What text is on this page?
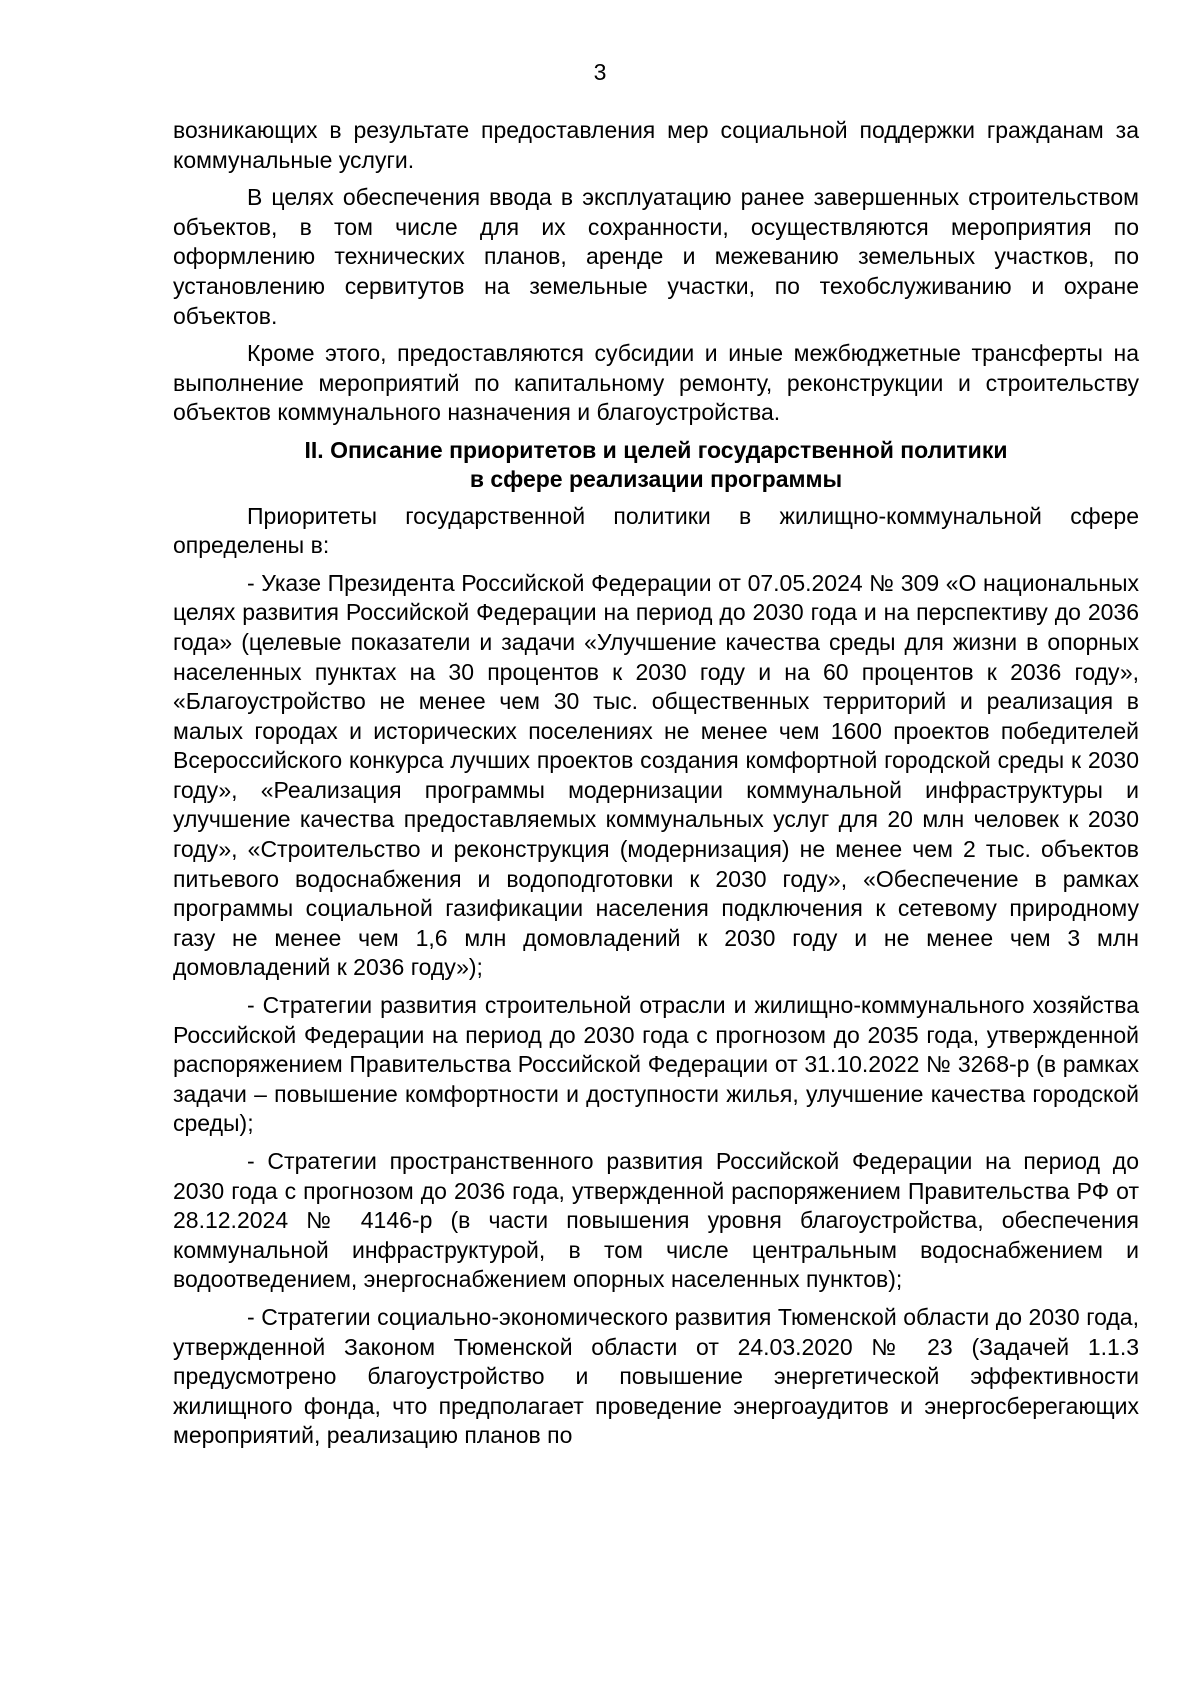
3

возникающих в результате предоставления мер социальной поддержки гражданам за коммунальные услуги.

В целях обеспечения ввода в эксплуатацию ранее завершенных строительством объектов, в том числе для их сохранности, осуществляются мероприятия по оформлению технических планов, аренде и межеванию земельных участков, по установлению сервитутов на земельные участки, по техобслуживанию и охране объектов.

Кроме этого, предоставляются субсидии и иные межбюджетные трансферты на выполнение мероприятий по капитальному ремонту, реконструкции и строительству объектов коммунального назначения и благоустройства.

II. Описание приоритетов и целей государственной политики
в сфере реализации программы

Приоритеты государственной политики в жилищно-коммунальной сфере определены в:

- Указе Президента Российской Федерации от 07.05.2024 № 309 «О национальных целях развития Российской Федерации на период до 2030 года и на перспективу до 2036 года» (целевые показатели и задачи «Улучшение качества среды для жизни в опорных населенных пунктах на 30 процентов к 2030 году и на 60 процентов к 2036 году», «Благоустройство не менее чем 30 тыс. общественных территорий и реализация в малых городах и исторических поселениях не менее чем 1600 проектов победителей Всероссийского конкурса лучших проектов создания комфортной городской среды к 2030 году», «Реализация программы модернизации коммунальной инфраструктуры и улучшение качества предоставляемых коммунальных услуг для 20 млн человек к 2030 году», «Строительство и реконструкция (модернизация) не менее чем 2 тыс. объектов питьевого водоснабжения и водоподготовки к 2030 году», «Обеспечение в рамках программы социальной газификации населения подключения к сетевому природному газу не менее чем 1,6 млн домовладений к 2030 году и не менее чем 3 млн домовладений к 2036 году»);

- Стратегии развития строительной отрасли и жилищно-коммунального хозяйства Российской Федерации на период до 2030 года с прогнозом до 2035 года, утвержденной распоряжением Правительства Российской Федерации от 31.10.2022 № 3268-р (в рамках задачи – повышение комфортности и доступности жилья, улучшение качества городской среды);

- Стратегии пространственного развития Российской Федерации на период до 2030 года с прогнозом до 2036 года, утвержденной распоряжением Правительства РФ от 28.12.2024 № 4146-р (в части повышения уровня благоустройства, обеспечения коммунальной инфраструктурой, в том числе центральным водоснабжением и водоотведением, энергоснабжением опорных населенных пунктов);

- Стратегии социально-экономического развития Тюменской области до 2030 года, утвержденной Законом Тюменской области от 24.03.2020 № 23 (Задачей 1.1.3 предусмотрено благоустройство и повышение энергетической эффективности жилищного фонда, что предполагает проведение энергоаудитов и энергосберегающих мероприятий, реализацию планов по
